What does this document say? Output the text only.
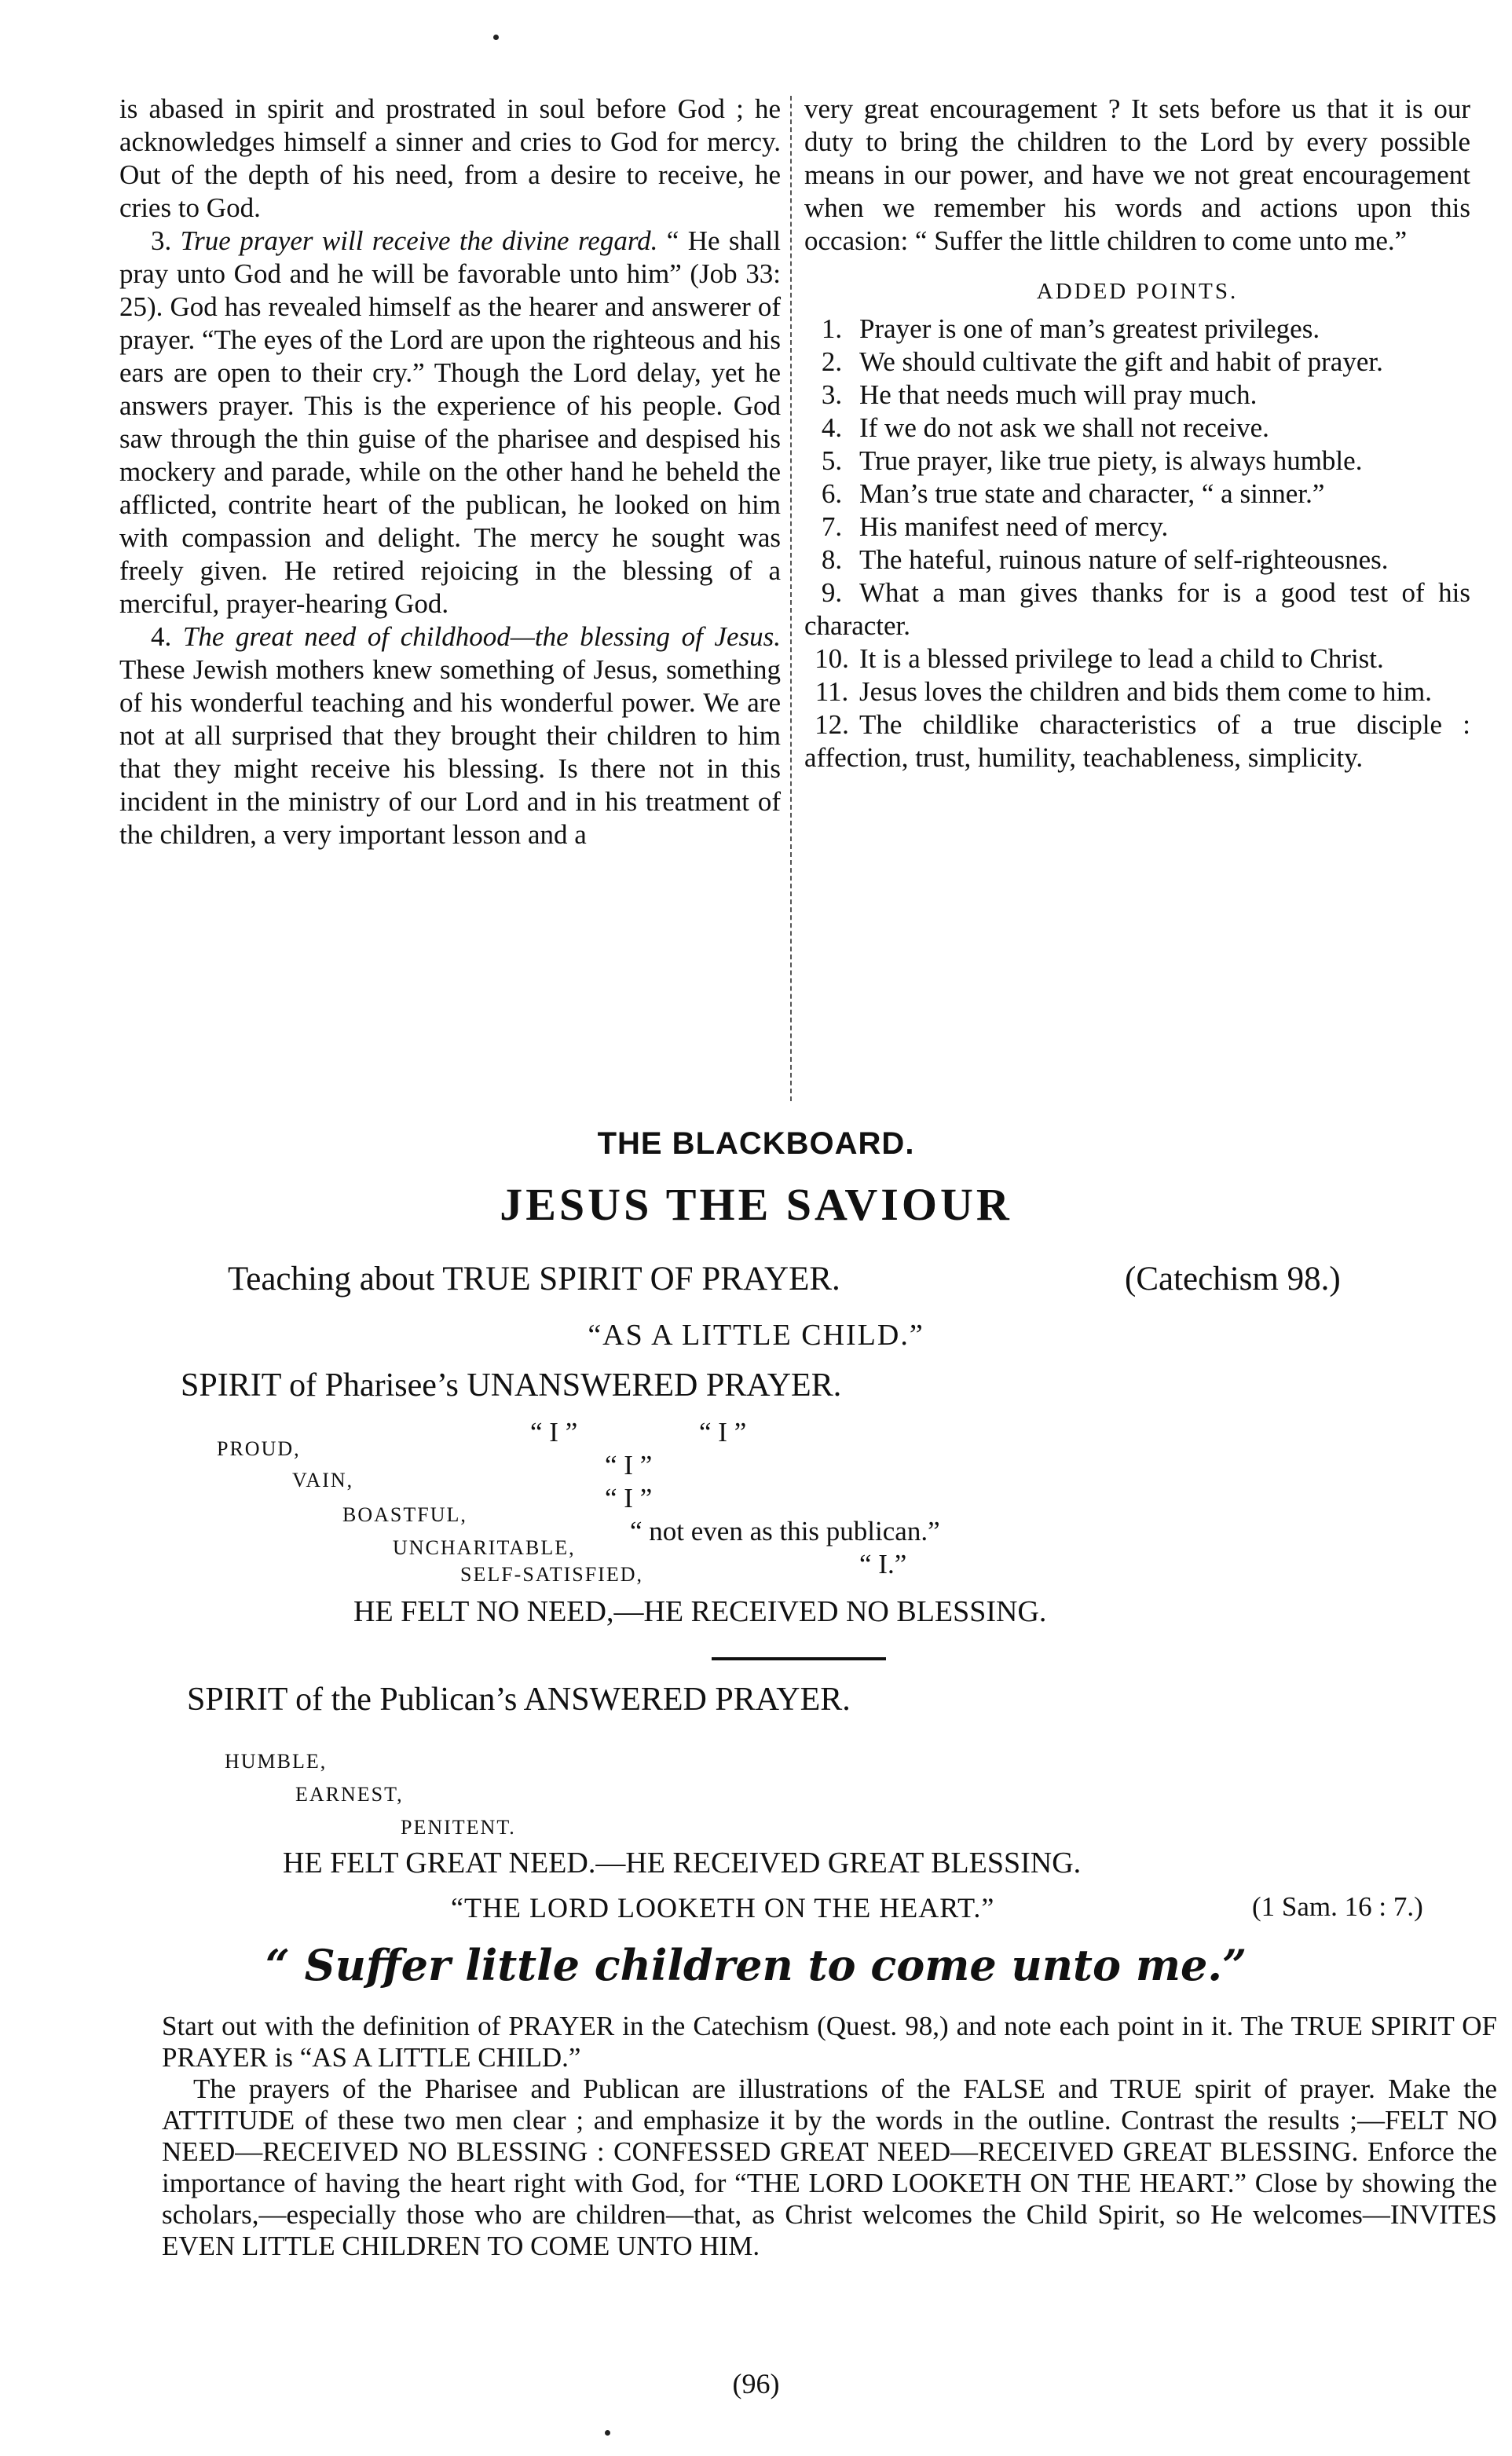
is abased in spirit and prostrated in soul before God ; he acknowledges himself a sinner and cries to God for mercy. Out of the depth of his need, from a desire to receive, he cries to God.

3. True prayer will receive the divine regard. “ He shall pray unto God and he will be favorable unto him” (Job 33: 25). God has revealed himself as the hearer and answerer of prayer. “The eyes of the Lord are upon the righteous and his ears are open to their cry.” Though the Lord delay, yet he answers prayer. This is the experience of his people. God saw through the thin guise of the pharisee and despised his mockery and parade, while on the other hand he beheld the afflicted, contrite heart of the publican, he looked on him with compassion and delight. The mercy he sought was freely given. He retired rejoicing in the blessing of a merciful, prayer-hearing God.

4. The great need of childhood—the blessing of Jesus. These Jewish mothers knew something of Jesus, something of his wonderful teaching and his wonderful power. We are not at all surprised that they brought their children to him that they might receive his blessing. Is there not in this incident in the ministry of our Lord and in his treatment of the children, a very important lesson and a

very great encouragement ? It sets before us that it is our duty to bring the children to the Lord by every possible means in our power, and have we not great encouragement when we remember his words and actions upon this occasion: “ Suffer the little children to come unto me.”

ADDED POINTS.

1. Prayer is one of man’s greatest privileges.

2. We should cultivate the gift and habit of prayer.

3. He that needs much will pray much.

4. If we do not ask we shall not receive.

5. True prayer, like true piety, is always humble.

6. Man’s true state and character, “ a sinner.”

7. His manifest need of mercy.

8. The hateful, ruinous nature of self-righteousnes.

9. What a man gives thanks for is a good test of his character.

10. It is a blessed privilege to lead a child to Christ.

11. Jesus loves the children and bids them come to him.

12. The childlike characteristics of a true disciple : affection, trust, humility, teachableness, simplicity.

THE BLACKBOARD.
JESUS THE SAVIOUR
Teaching about TRUE SPIRIT OF PRAYER.	(Catechism 98.)
“AS A LITTLE CHILD.”
SPIRIT of Pharisee’s UNANSWERED PRAYER.
PROUD,
“ I ”	“ I ”
VAIN,	“ I ”
BOASTFUL,
“ I ”
UNCHARITABLE,
“ not even as this publican.”
SELF-SATISFIED,	“ I.”
HE FELT NO NEED,—HE RECEIVED NO BLESSING.
SPIRIT of the Publican’s ANSWERED PRAYER.
HUMBLE,
EARNEST,
PENITENT.
HE FELT GREAT NEED.—HE RECEIVED GREAT BLESSING.
“THE LORD LOOKETH ON THE HEART.”	(1 Sam. 16 : 7.)
“ Suffer little children to come unto me.”

Start out with the definition of PRAYER in the Catechism (Quest. 98,) and note each point in it. The TRUE SPIRIT OF PRAYER is “AS A LITTLE CHILD.”

The prayers of the Pharisee and Publican are illustrations of the FALSE and TRUE spirit of prayer. Make the ATTITUDE of these two men clear ; and emphasize it by the words in the outline. Contrast the results ;—FELT NO NEED—RECEIVED NO BLESSING : CONFESSED GREAT NEED—RECEIVED GREAT BLESSING. Enforce the importance of having the heart right with God, for “THE LORD LOOKETH ON THE HEART.” Close by showing the scholars,—especially those who are children—that, as Christ welcomes the Child Spirit, so He welcomes—INVITES EVEN LITTLE CHILDREN TO COME UNTO HIM.

(96)
